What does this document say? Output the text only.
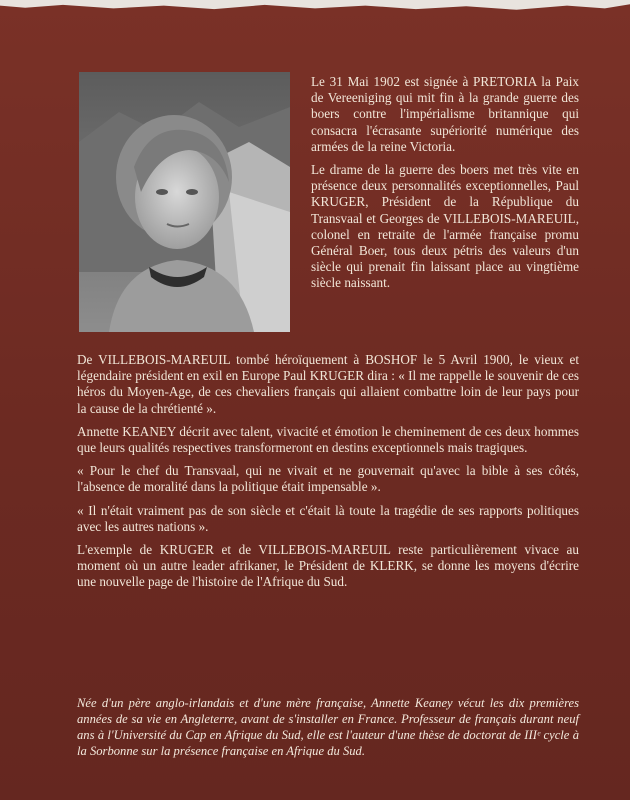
Le 31 Mai 1902 est signée à PRETORIA la Paix de Vereeniging qui mit fin à la grande guerre des boers contre l'impérialisme britannique qui consacra l'écrasante supériorité numérique des armées de la reine Victoria.

Le drame de la guerre des boers met très vite en présence deux personnalités exceptionnelles, Paul KRUGER, Président de la République du Transvaal et Georges de VILLEBOIS-MAREUIL, colonel en retraite de l'armée française promu Général Boer, tous deux pétris des valeurs d'un siècle qui prenait fin laissant place au vingtième siècle naissant.

De VILLEBOIS-MAREUIL tombé héroïquement à BOSHOF le 5 Avril 1900, le vieux et légendaire président en exil en Europe Paul KRUGER dira : « Il me rappelle le souvenir de ces héros du Moyen-Age, de ces chevaliers français qui allaient combattre loin de leur pays pour la cause de la chrétienté ».

Annette KEANEY décrit avec talent, vivacité et émotion le cheminement de ces deux hommes que leurs qualités respectives transformeront en destins exceptionnels mais tragiques.

« Pour le chef du Transvaal, qui ne vivait et ne gouvernait qu'avec la bible à ses côtés, l'absence de moralité dans la politique était impensable ».

« Il n'était vraiment pas de son siècle et c'était là toute la tragédie de ses rapports politiques avec les autres nations ».

L'exemple de KRUGER et de VILLEBOIS-MAREUIL reste particulièrement vivace au moment où un autre leader afrikaner, le Président de KLERK, se donne les moyens d'écrire une nouvelle page de l'histoire de l'Afrique du Sud.

Née d'un père anglo-irlandais et d'une mère française, Annette Keaney vécut les dix premières années de sa vie en Angleterre, avant de s'installer en France. Professeur de français durant neuf ans à l'Université du Cap en Afrique du Sud, elle est l'auteur d'une thèse de doctorat de IIIᵉ cycle à la Sorbonne sur la présence française en Afrique du Sud.
